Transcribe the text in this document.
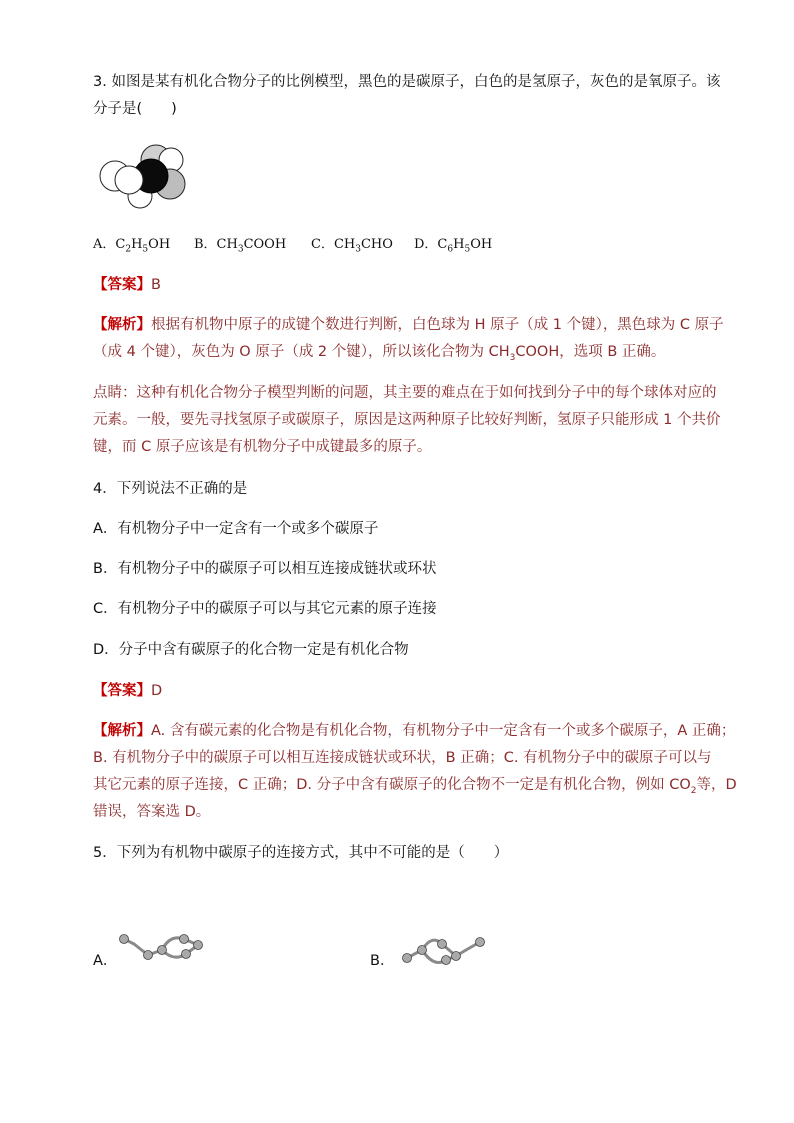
3. 如图是某有机化合物分子的比例模型，黑色的是碳原子，白色的是氢原子，灰色的是氧原子。该
分子是(　　)
A．$C_2H_5OH$ B．$CH_3COOH$ C．$CH_3CHO$ D．$C_6H_5OH$
【答案】B
【解析】根据有机物中原子的成键个数进行判断，白色球为 H 原子（成 1 个键），黑色球为 C 原子
（成 4 个键），灰色为 O 原子（成 2 个键），所以该化合物为 $CH_3COOH$，选项 B 正确。
点睛：这种有机化合物分子模型判断的问题，其主要的难点在于如何找到分子中的每个球体对应的
元素。一般，要先寻找氢原子或碳原子，原因是这两种原子比较好判断，氢原子只能形成 1 个共价
键，而 C 原子应该是有机物分子中成键最多的原子。
4．下列说法不正确的是
A．有机物分子中一定含有一个或多个碳原子
B．有机物分子中的碳原子可以相互连接成链状或环状
C．有机物分子中的碳原子可以与其它元素的原子连接
D．分子中含有碳原子的化合物一定是有机化合物
【答案】D
【解析】A. 含有碳元素的化合物是有机化合物，有机物分子中一定含有一个或多个碳原子，A 正确；
B. 有机物分子中的碳原子可以相互连接成链状或环状，B 正确；C. 有机物分子中的碳原子可以与
其它元素的原子连接，C 正确；D. 分子中含有碳原子的化合物不一定是有机化合物，例如 $CO_2$等，D
错误，答案选 D。
5．下列为有机物中碳原子的连接方式，其中不可能的是（　　）
A．	B．
